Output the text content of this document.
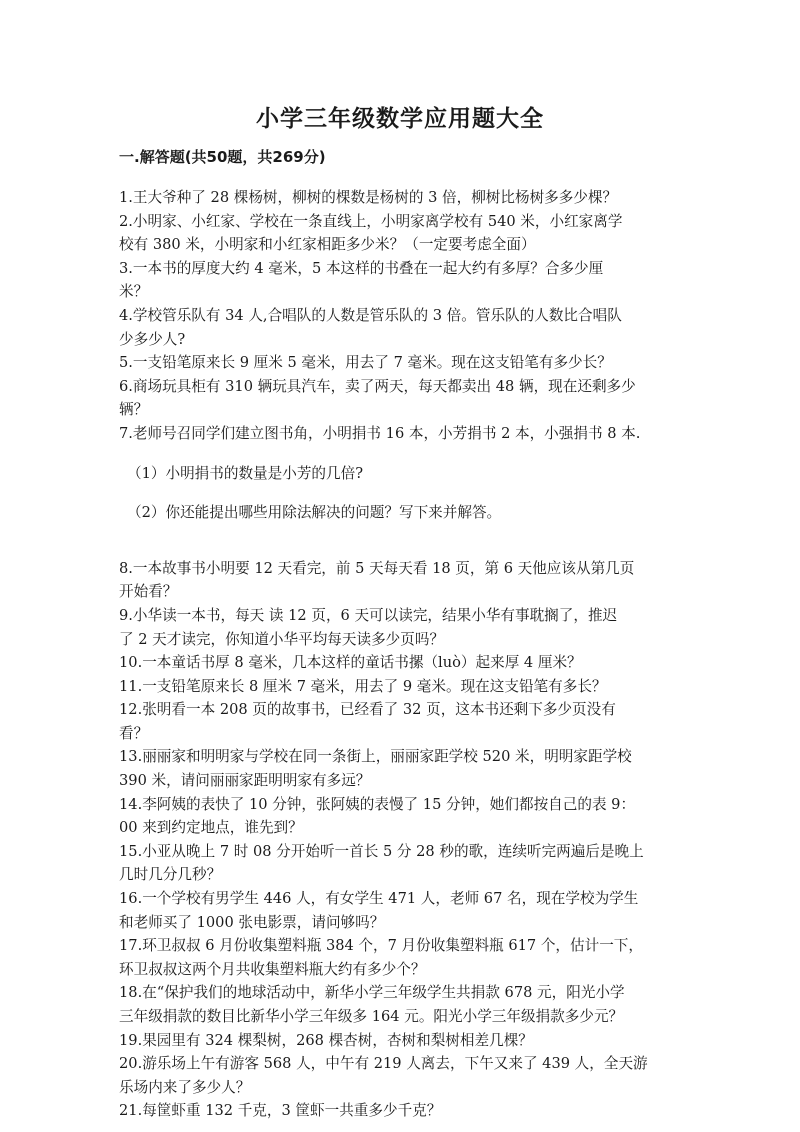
小学三年级数学应用题大全
一.解答题(共50题，共269分)
1.王大爷种了 28 棵杨树，柳树的棵数是杨树的 3 倍，柳树比杨树多多少棵？
2.小明家、小红家、学校在一条直线上，小明家离学校有 540 米，小红家离学
校有 380 米，小明家和小红家相距多少米？（一定要考虑全面）
3.一本书的厚度大约 4 毫米，5 本这样的书叠在一起大约有多厚？合多少厘
米？
4.学校管乐队有 34 人,合唱队的人数是管乐队的 3 倍。管乐队的人数比合唱队
少多少人?
5.一支铅笔原来长 9 厘米 5 毫米，用去了 7 毫米。现在这支铅笔有多少长？
6.商场玩具柜有 310 辆玩具汽车，卖了两天，每天都卖出 48 辆，现在还剩多少
辆？
7.老师号召同学们建立图书角，小明捐书 16 本，小芳捐书 2 本，小强捐书 8 本.
（1）小明捐书的数量是小芳的几倍?
（2）你还能提出哪些用除法解决的问题？写下来并解答。
8.一本故事书小明要 12 天看完，前 5 天每天看 18 页，第 6 天他应该从第几页
开始看？
9.小华读一本书，每天 读 12 页，6 天可以读完，结果小华有事耽搁了，推迟
了 2 天才读完，你知道小华平均每天读多少页吗？
10.一本童话书厚 8 毫米，几本这样的童话书摞（luò）起来厚 4 厘米？
11.一支铅笔原来长 8 厘米 7 毫米，用去了 9 毫米。现在这支铅笔有多长？
12.张明看一本 208 页的故事书，已经看了 32 页，这本书还剩下多少页没有
看？
13.丽丽家和明明家与学校在同一条街上，丽丽家距学校 520 米，明明家距学校
390 米，请问丽丽家距明明家有多远？
14.李阿姨的表快了 10 分钟，张阿姨的表慢了 15 分钟，她们都按自己的表 9：
00 来到约定地点，谁先到？
15.小亚从晚上 7 时 08 分开始听一首长 5 分 28 秒的歌，连续听完两遍后是晚上
几时几分几秒？
16.一个学校有男学生 446 人，有女学生 471 人，老师 67 名，现在学校为学生
和老师买了 1000 张电影票，请问够吗？
17.环卫叔叔 6 月份收集塑料瓶 384 个，7 月份收集塑料瓶 617 个，估计一下，
环卫叔叔这两个月共收集塑料瓶大约有多少个？
18.在“保护我们的地球活动中，新华小学三年级学生共捐款 678 元，阳光小学
三年级捐款的数目比新华小学三年级多 164 元。阳光小学三年级捐款多少元？
19.果园里有 324 棵梨树，268 棵杏树，杏树和梨树相差几棵？
20.游乐场上午有游客 568 人，中午有 219 人离去，下午又来了 439 人，全天游
乐场内来了多少人？
21.每筐虾重 132 千克，3 筐虾一共重多少千克？
